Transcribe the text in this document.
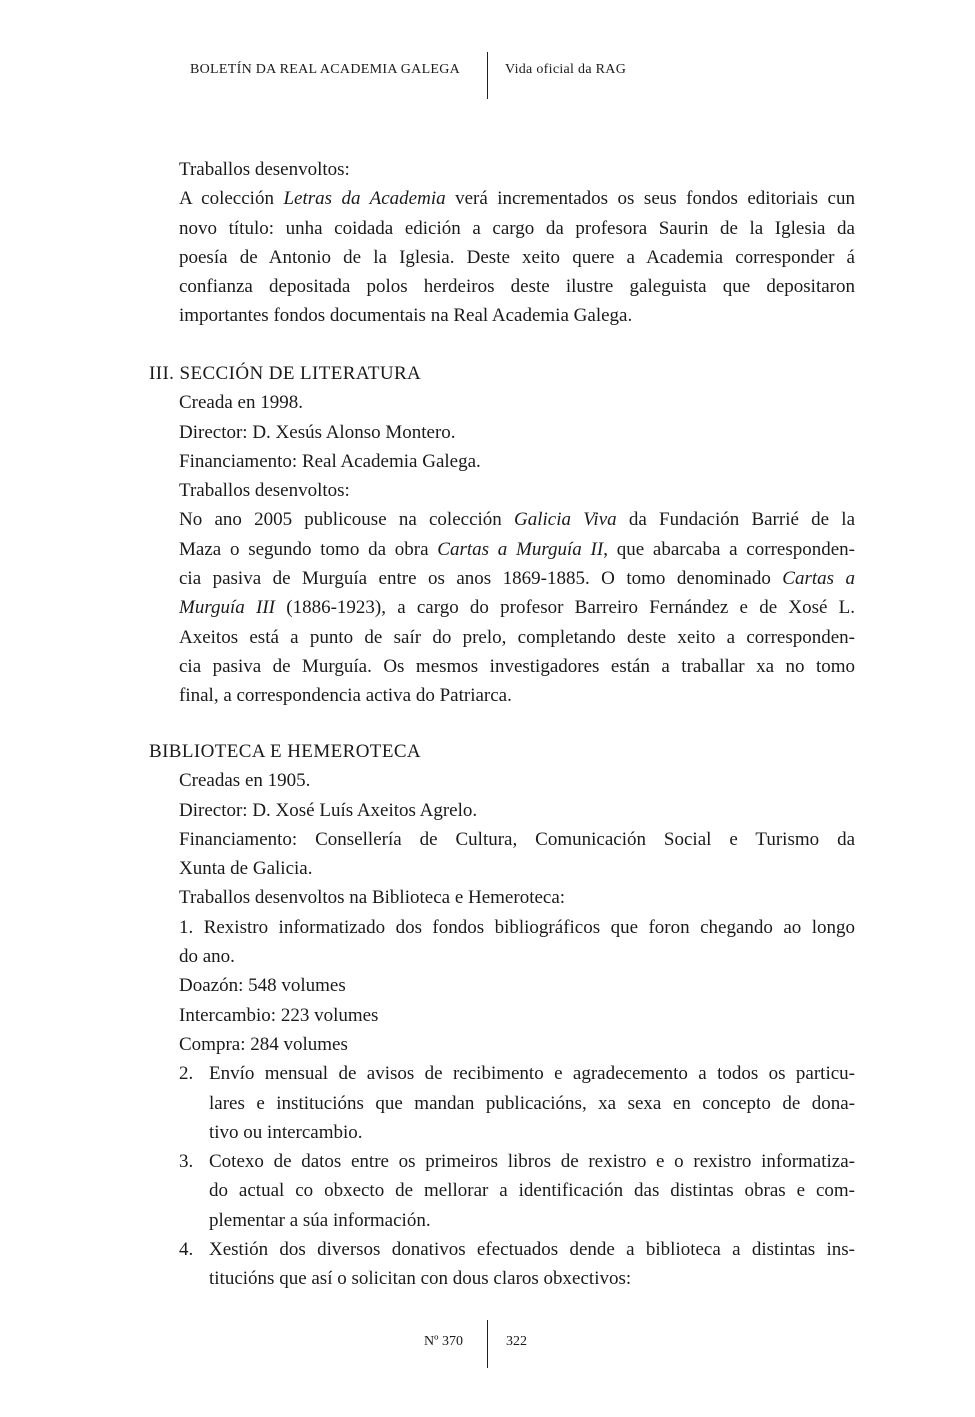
BOLETÍN DA REAL ACADEMIA GALEGA	Vida oficial da RAG
Traballos desenvoltos:
A colección Letras da Academia verá incrementados os seus fondos editoriais cun
novo título: unha coidada edición a cargo da profesora Saurin de la Iglesia da
poesía de Antonio de la Iglesia. Deste xeito quere a Academia corresponder á
confianza depositada polos herdeiros deste ilustre galeguista que depositaron
importantes fondos documentais na Real Academia Galega.
III. SECCIÓN DE LITERATURA
Creada en 1998.
Director: D. Xesús Alonso Montero.
Financiamento: Real Academia Galega.
Traballos desenvoltos:
No ano 2005 publicouse na colección Galicia Viva da Fundación Barrié de la
Maza o segundo tomo da obra Cartas a Murguía II, que abarcaba a corresponden-
cia pasiva de Murguía entre os anos 1869-1885. O tomo denominado Cartas a
Murguía III (1886-1923), a cargo do profesor Barreiro Fernández e de Xosé L.
Axeitos está a punto de saír do prelo, completando deste xeito a corresponden-
cia pasiva de Murguía. Os mesmos investigadores están a traballar xa no tomo
final, a correspondencia activa do Patriarca.
BIBLIOTECA E HEMEROTECA
Creadas en 1905.
Director: D. Xosé Luís Axeitos Agrelo.
Financiamento: Consellería de Cultura, Comunicación Social e Turismo da
Xunta de Galicia.
Traballos desenvoltos na Biblioteca e Hemeroteca:
1. Rexistro informatizado dos fondos bibliográficos que foron chegando ao longo
do ano.
Doazón: 548 volumes
Intercambio: 223 volumes
Compra: 284 volumes
2. Envío mensual de avisos de recibimento e agradecemento a todos os particu-
lares e institucións que mandan publicacións, xa sexa en concepto de dona-
tivo ou intercambio.
3. Cotexo de datos entre os primeiros libros de rexistro e o rexistro informatiza-
do actual co obxecto de mellorar a identificación das distintas obras e com-
plementar a súa información.
4. Xestión dos diversos donativos efectuados dende a biblioteca a distintas ins-
titucións que así o solicitan con dous claros obxectivos:
Nº 370	322
